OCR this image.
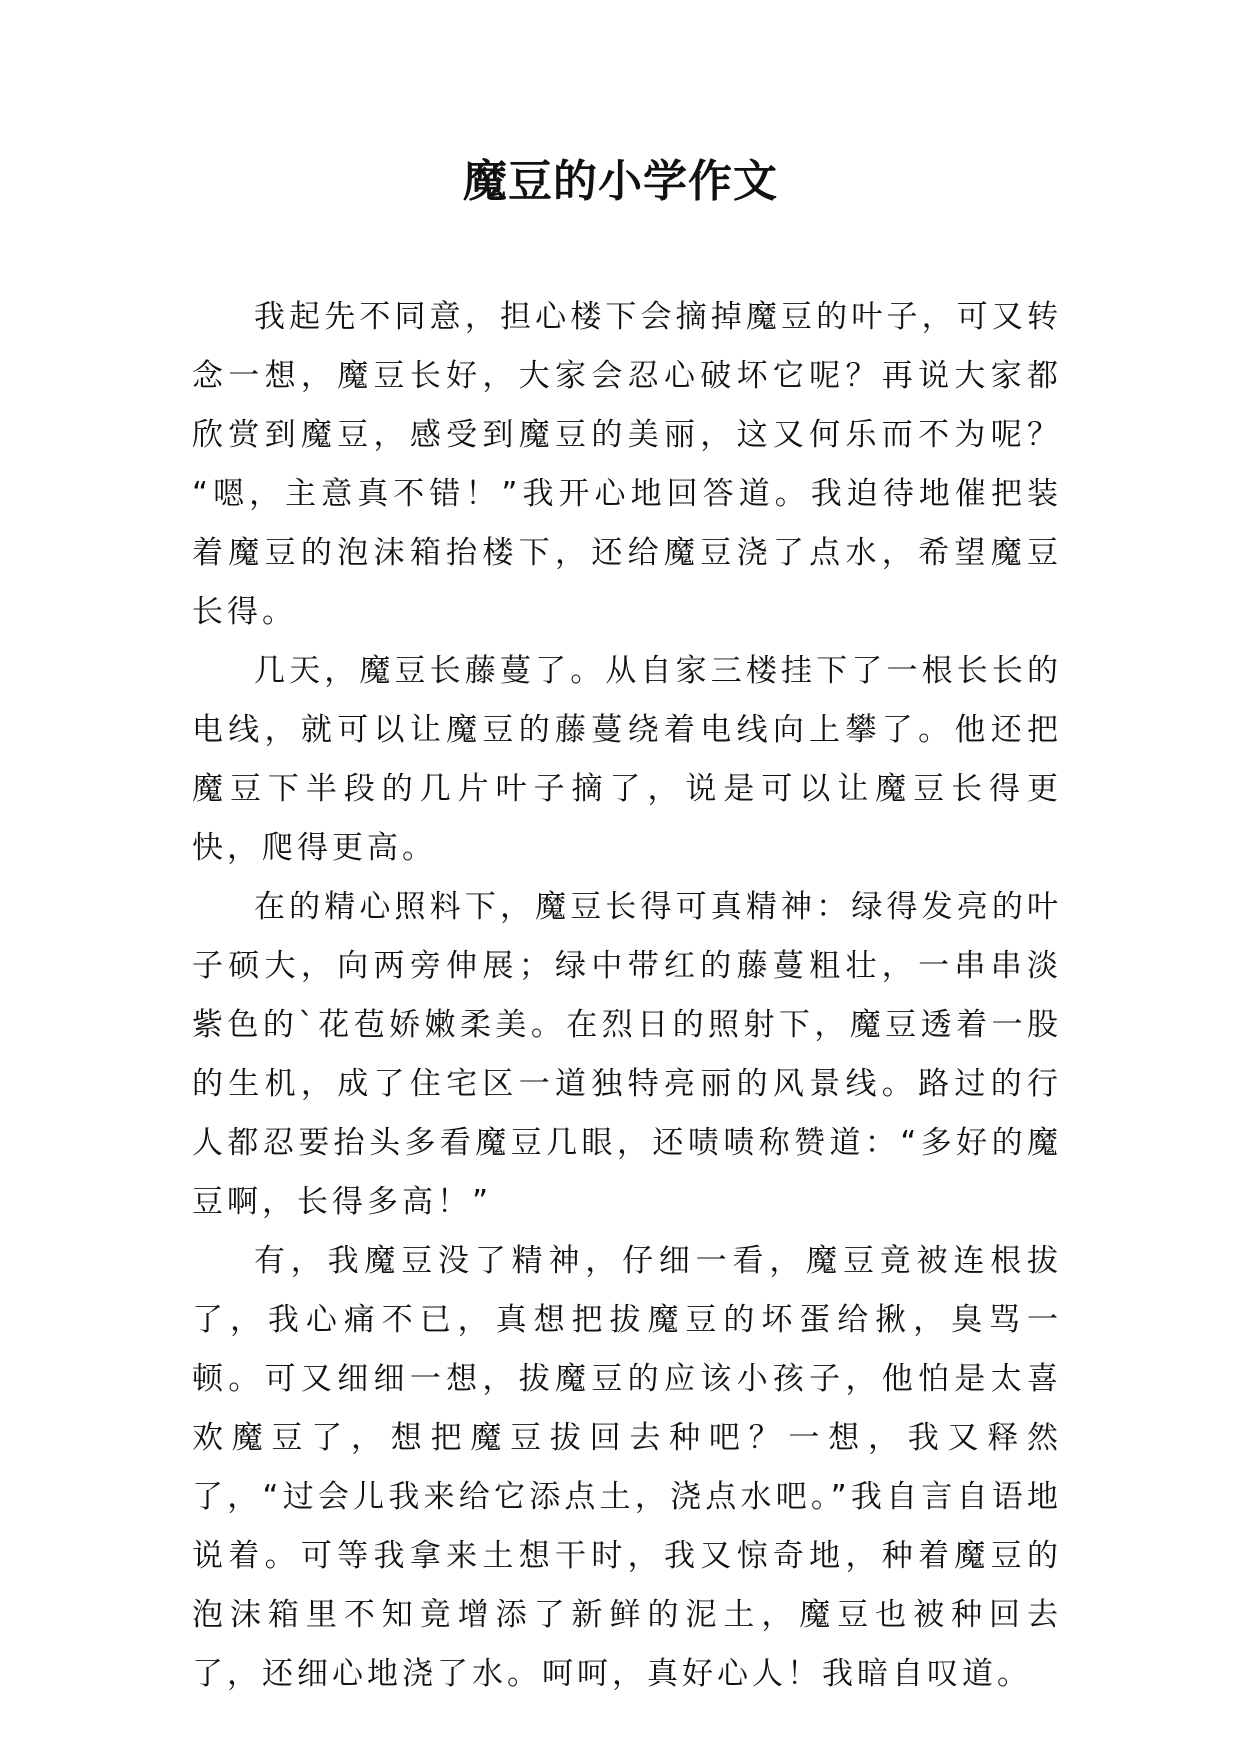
魔豆的小学作文

我起先不同意，担心楼下会摘掉魔豆的叶子，可又转念一想，魔豆长好，大家会忍心破坏它呢？再说大家都欣赏到魔豆，感受到魔豆的美丽，这又何乐而不为呢？ “嗯，主意真不错！”我开心地回答道。我迫待地催把装着魔豆的泡沫箱抬楼下，还给魔豆浇了点水，希望魔豆长得。

几天，魔豆长藤蔓了。从自家三楼挂下了一根长长的电线，就可以让魔豆的藤蔓绕着电线向上攀了。他还把魔豆下半段的几片叶子摘了，说是可以让魔豆长得更快，爬得更高。

在的精心照料下，魔豆长得可真精神：绿得发亮的叶子硕大，向两旁伸展；绿中带红的藤蔓粗壮，一串串淡紫色的`花苞娇嫩柔美。在烈日的照射下，魔豆透着一股的生机，成了住宅区一道独特亮丽的风景线。路过的行人都忍要抬头多看魔豆几眼，还啧啧称赞道：“多好的魔豆啊，长得多高！”

有，我魔豆没了精神，仔细一看，魔豆竟被连根拔了，我心痛不已，真想把拔魔豆的坏蛋给揪，臭骂一顿。可又细细一想，拔魔豆的应该小孩子，他怕是太喜欢魔豆了，想把魔豆拔回去种吧？一想，我又释然了，“过会儿我来给它添点土，浇点水吧。”我自言自语地说着。可等我拿来土想干时，我又惊奇地，种着魔豆的泡沫箱里不知竟增添了新鲜的泥土，魔豆也被种回去了，还细心地浇了水。呵呵，真好心人！我暗自叹道。
